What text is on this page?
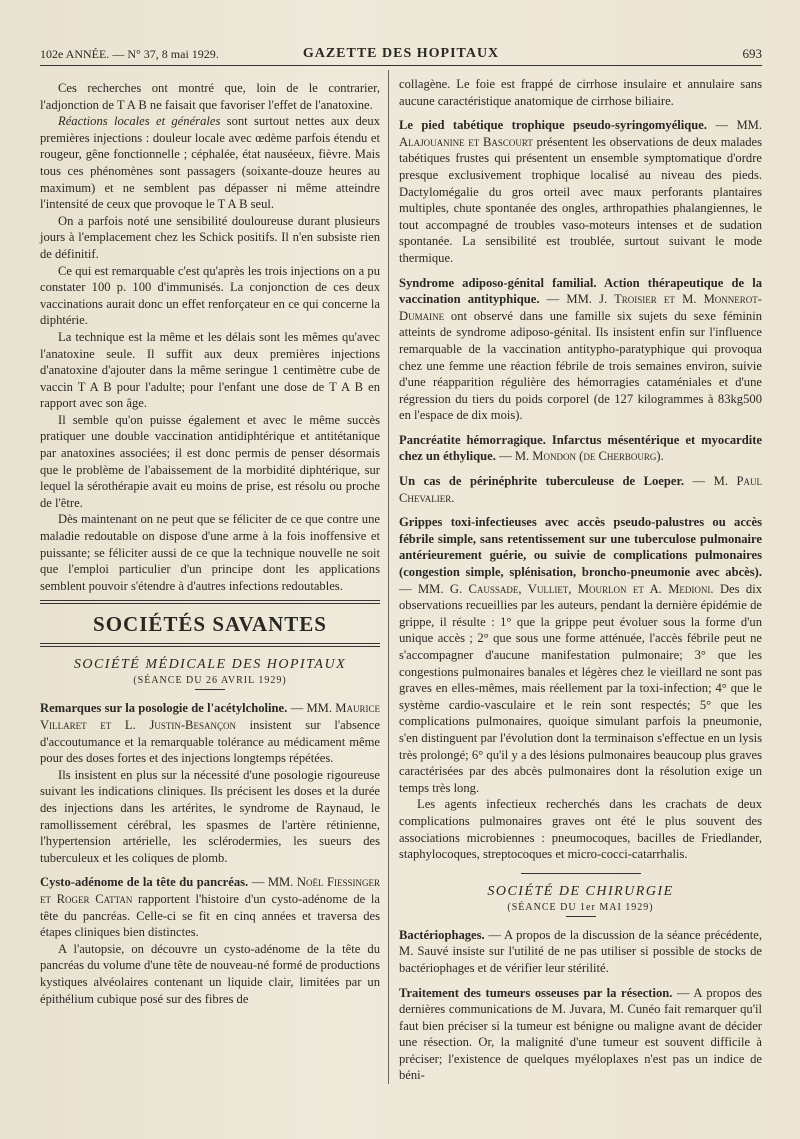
102e ANNÉE. — N° 37, 8 mai 1929.	GAZETTE DES HOPITAUX	693

Ces recherches ont montré que, loin de le contrarier, l'adjonction de T A B ne faisait que favoriser l'effet de l'anatoxine.

Réactions locales et générales sont surtout nettes aux deux premières injections : douleur locale avec œdème parfois étendu et rougeur, gêne fonctionnelle ; céphalée, état nauséeux, fièvre. Mais tous ces phénomènes sont passagers (soixante-douze heures au maximum) et ne semblent pas dépasser ni même atteindre l'intensité de ceux que provoque le T A B seul.

On a parfois noté une sensibilité douloureuse durant plusieurs jours à l'emplacement chez les Schick positifs. Il n'en subsiste rien de définitif.

Ce qui est remarquable c'est qu'après les trois injections on a pu constater 100 p. 100 d'immunisés. La conjonction de ces deux vaccinations aurait donc un effet renforçateur en ce qui concerne la diphtérie.

La technique est la même et les délais sont les mêmes qu'avec l'anatoxine seule. Il suffit aux deux premières injections d'anatoxine d'ajouter dans la même seringue 1 centimètre cube de vaccin T A B pour l'adulte; pour l'enfant une dose de T A B en rapport avec son âge.

Il semble qu'on puisse également et avec le même succès pratiquer une double vaccination antidiphtérique et antitétanique par anatoxines associées; il est donc permis de penser désormais que le problème de l'abaissement de la morbidité diphtérique, sur lequel la sérothérapie avait eu moins de prise, est résolu ou proche de l'être.

Dès maintenant on ne peut que se féliciter de ce que contre une maladie redoutable on dispose d'une arme à la fois inoffensive et puissante; se féliciter aussi de ce que la technique nouvelle ne soit que l'emploi particulier d'un principe dont les applications semblent pouvoir s'étendre à d'autres infections redoutables.

SOCIÉTÉS SAVANTES
SOCIÉTÉ MÉDICALE DES HOPITAUX
(SÉANCE DU 26 AVRIL 1929)

Remarques sur la posologie de l'acétylcholine. — MM. Maurice Villaret et L. Justin-Besançon insistent sur l'absence d'accoutumance et la remarquable tolérance au médicament même pour des doses fortes et des injections longtemps répétées.

Ils insistent en plus sur la nécessité d'une posologie rigoureuse suivant les indications cliniques. Ils précisent les doses et la durée des injections dans les artérites, le syndrome de Raynaud, le ramollissement cérébral, les spasmes de l'artère rétinienne, l'hypertension artérielle, les sclérodermies, les sueurs des tuberculeux et les coliques de plomb.

Cysto-adénome de la tête du pancréas. — MM. Noël Fiessinger et Roger Cattan rapportent l'histoire d'un cysto-adénome de la tête du pancréas. Celle-ci se fit en cinq années et traversa des étapes cliniques bien distinctes.

A l'autopsie, on découvre un cysto-adénome de la tête du pancréas du volume d'une tête de nouveau-né formé de productions kystiques alvéolaires contenant un liquide clair, limitées par un épithélium cubique posé sur des fibres de

collagène. Le foie est frappé de cirrhose insulaire et annulaire sans aucune caractéristique anatomique de cirrhose biliaire.

Le pied tabétique trophique pseudo-syringomyélique. — MM. Alajouanine et Bascourt présentent les observations de deux malades tabétiques frustes qui présentent un ensemble symptomatique d'ordre presque exclusivement trophique localisé au niveau des pieds. Dactylomégalie du gros orteil avec maux perforants plantaires multiples, chute spontanée des ongles, arthropathies phalangiennes, le tout accompagné de troubles vaso-moteurs intenses et de sudation spontanée. La sensibilité est troublée, surtout suivant le mode thermique.

Syndrome adiposo-génital familial. Action thérapeutique de la vaccination antityphique. — MM. J. Troisier et M. Monnerot-Dumaine ont observé dans une famille six sujets du sexe féminin atteints de syndrome adiposo-génital. Ils insistent enfin sur l'influence remarquable de la vaccination antitypho-paratyphique qui provoqua chez une femme une réaction fébrile de trois semaines environ, suivie d'une réapparition régulière des hémorragies cataméniales et d'une régression du tiers du poids corporel (de 127 kilogrammes à 83kg500 en l'espace de dix mois).

Pancréatite hémorragique. Infarctus mésentérique et myocardite chez un éthylique. — M. Mondon (de Cherbourg).

Un cas de périnéphrite tuberculeuse de Loeper. — M. Paul Chevalier.

Grippes toxi-infectieuses avec accès pseudo-palustres ou accès fébrile simple, sans retentissement sur une tuberculose pulmonaire antérieurement guérie, ou suivie de complications pulmonaires (congestion simple, splénisation, broncho-pneumonie avec abcès). — MM. G. Caussade, Vulliet, Mourlon et A. Medioni. Des dix observations recueillies par les auteurs, pendant la dernière épidémie de grippe, il résulte : 1° que la grippe peut évoluer sous la forme d'un unique accès ; 2° que sous une forme atténuée, l'accès fébrile peut ne s'accompagner d'aucune manifestation pulmonaire; 3° que les congestions pulmonaires banales et légères chez le vieillard ne sont pas graves en elles-mêmes, mais réellement par la toxi-infection; 4° que le système cardio-vasculaire et le rein sont respectés; 5° que les complications pulmonaires, quoique simulant parfois la pneumonie, s'en distinguent par l'évolution dont la terminaison s'effectue en un lysis très prolongé; 6° qu'il y a des lésions pulmonaires beaucoup plus graves caractérisées par des abcès pulmonaires dont la résolution exige un temps très long.

Les agents infectieux recherchés dans les crachats de deux complications pulmonaires graves ont été le plus souvent des associations microbiennes : pneumocoques, bacilles de Friedlander, staphylocoques, streptocoques et micro-cocci-catarrhalis.

SOCIÉTÉ DE CHIRURGIE
(SÉANCE DU 1er MAI 1929)

Bactériophages. — A propos de la discussion de la séance précédente, M. Sauvé insiste sur l'utilité de ne pas utiliser si possible de stocks de bactériophages et de vérifier leur stérilité.

Traitement des tumeurs osseuses par la résection. — A propos des dernières communications de M. Juvara, M. Cunéo fait remarquer qu'il faut bien préciser si la tumeur est bénigne ou maligne avant de décider une résection. Or, la malignité d'une tumeur est souvent difficile à préciser; l'existence de quelques myéloplaxes n'est pas un indice de béni-
